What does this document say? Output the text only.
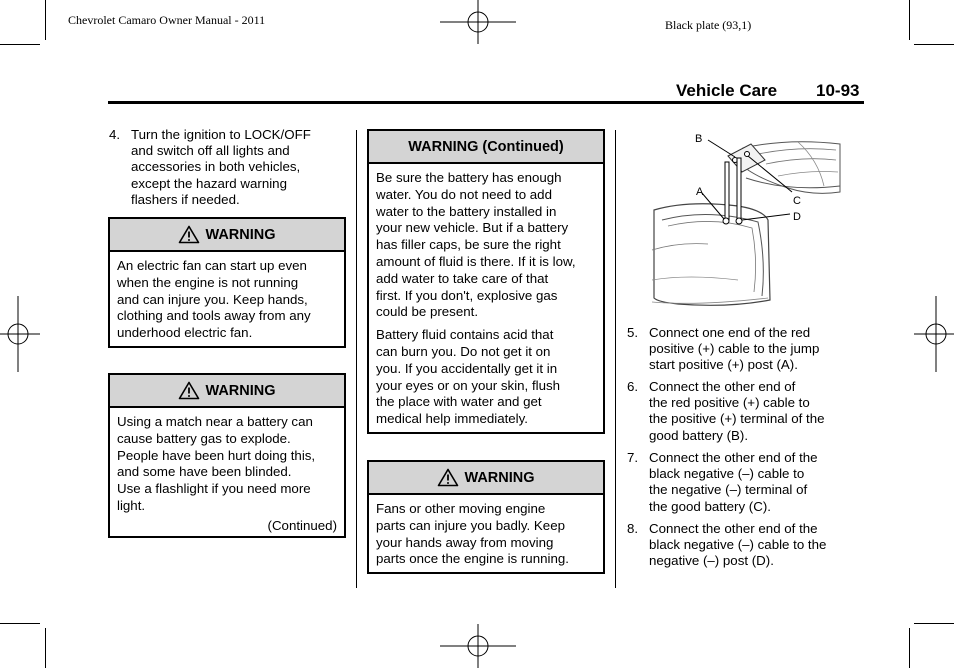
Chevrolet Camaro Owner Manual - 2011	Black plate (93,1)
Vehicle Care 10-93
4. Turn the ignition to LOCK/OFF
and switch off all lights and
accessories in both vehicles,
except the hazard warning
flashers if needed.
WARNING

An electric fan can start up even
when the engine is not running
and can injure you. Keep hands,
clothing and tools away from any
underhood electric fan.

WARNING

Using a match near a battery can
cause battery gas to explode.
People have been hurt doing this,
and some have been blinded.
Use a flashlight if you need more
light.

(Continued)

WARNING (Continued)

Be sure the battery has enough
water. You do not need to add
water to the battery installed in
your new vehicle. But if a battery
has filler caps, be sure the right
amount of fluid is there. If it is low,
add water to take care of that
first. If you don't, explosive gas
could be present.

Battery fluid contains acid that
can burn you. Do not get it on
you. If you accidentally get it in
your eyes or on your skin, flush
the place with water and get
medical help immediately.

WARNING

Fans or other moving engine
parts can injure you badly. Keep
your hands away from moving
parts once the engine is running.

B
A
C
D
5. Connect one end of the red
positive (+) cable to the jump
start positive (+) post (A).
6. Connect the other end of
the red positive (+) cable to
the positive (+) terminal of the
good battery (B).
7. Connect the other end of the
black negative (–) cable to
the negative (–) terminal of
the good battery (C).
8. Connect the other end of the
black negative (–) cable to the
negative (–) post (D).
